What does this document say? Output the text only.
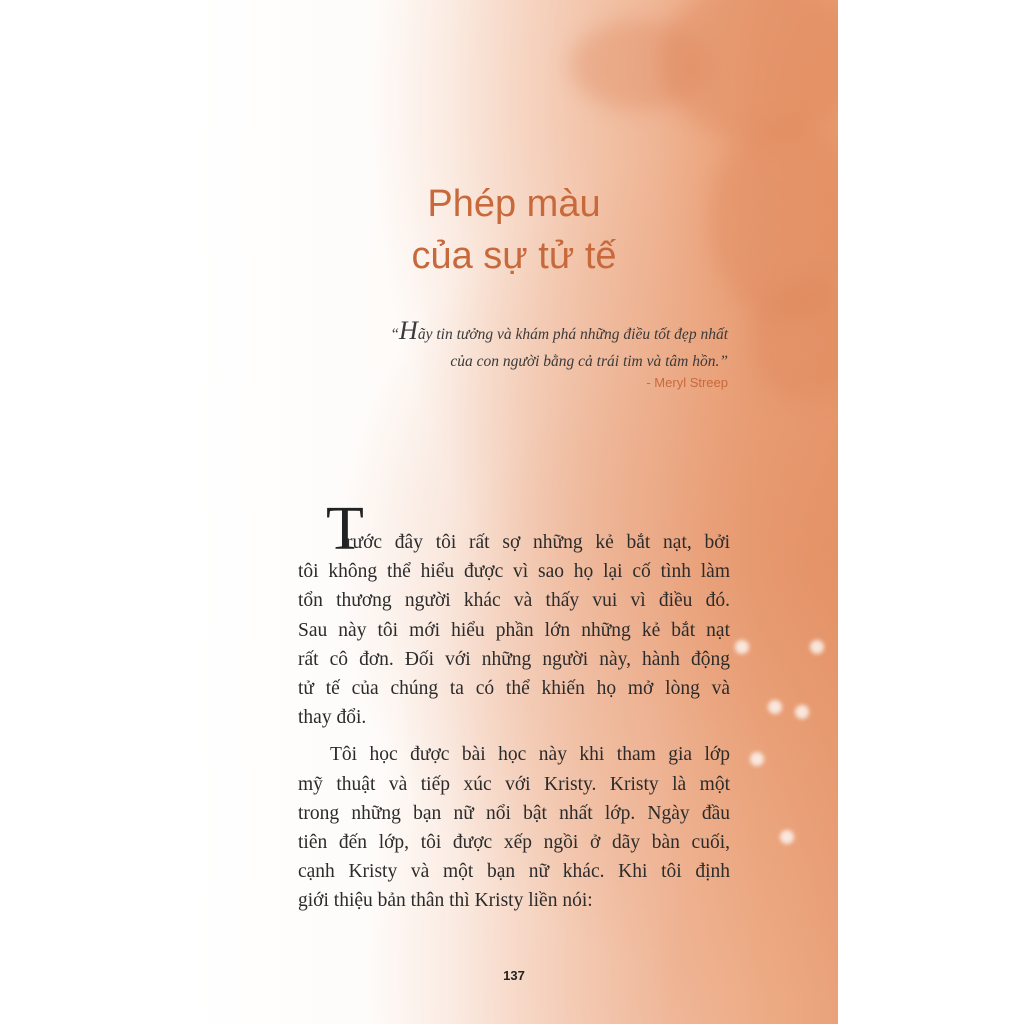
Phép màu
của sự tử tế
“Hãy tin tưởng và khám phá những điều tốt đẹp nhất
của con người bằng cả trái tim và tâm hồn.”
- Meryl Streep
T
rước đây tôi rất sợ những kẻ bắt nạt, bởi
tôi không thể hiểu được vì sao họ lại cố tình làm
tổn thương người khác và thấy vui vì điều đó.
Sau này tôi mới hiểu phần lớn những kẻ bắt nạt
rất cô đơn. Đối với những người này, hành động
tử tế của chúng ta có thể khiến họ mở lòng và
thay đổi.
Tôi học được bài học này khi tham gia lớp
mỹ thuật và tiếp xúc với Kristy. Kristy là một
trong những bạn nữ nổi bật nhất lớp. Ngày đầu
tiên đến lớp, tôi được xếp ngồi ở dãy bàn cuối,
cạnh Kristy và một bạn nữ khác. Khi tôi định
giới thiệu bản thân thì Kristy liền nói:
137
